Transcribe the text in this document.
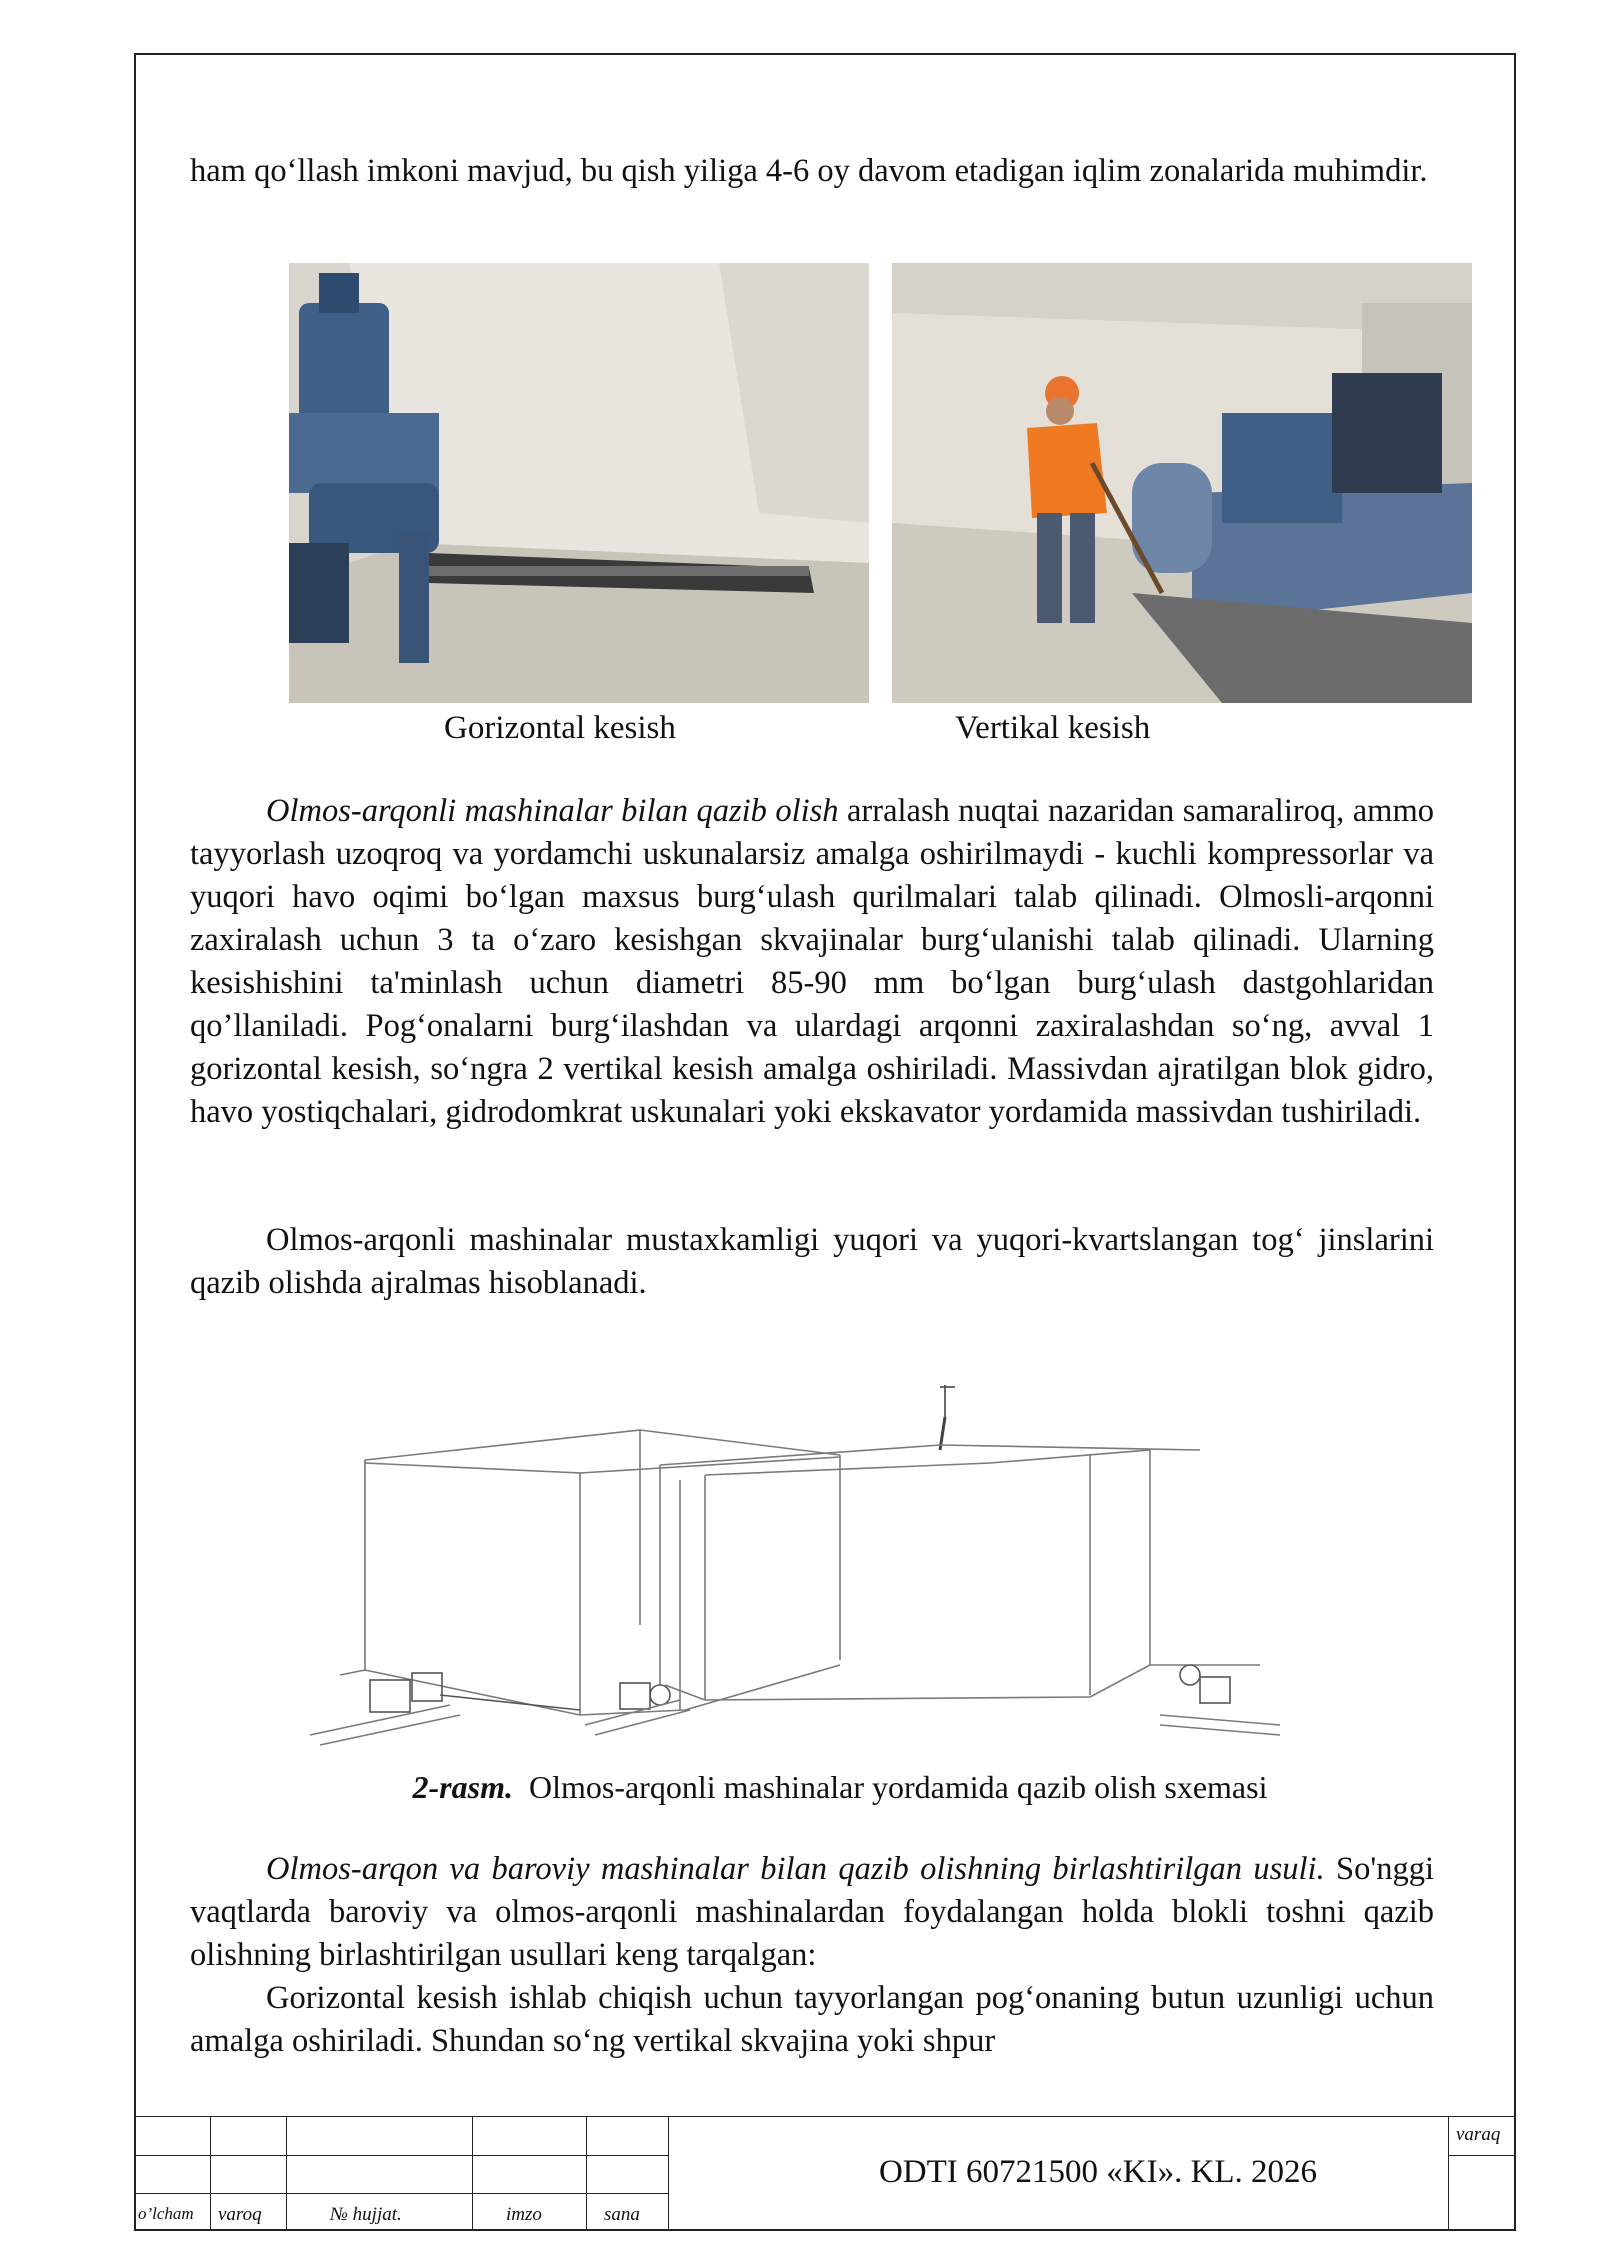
ham qo‘llash imkoni mavjud, bu qish yiliga 4-6 oy davom etadigan iqlim zonalarida muhimdir.

Gorizontal kesish	Vertikal kesish

Olmos-arqonli mashinalar bilan qazib olish arralash nuqtai nazaridan samaraliroq, ammo tayyorlash uzoqroq va yordamchi uskunalarsiz amalga oshirilmaydi - kuchli kompressorlar va yuqori havo oqimi bo‘lgan maxsus burg‘ulash qurilmalari talab qilinadi. Olmosli-arqonni zaxiralash uchun 3 ta o‘zaro kesishgan skvajinalar burg‘ulanishi talab qilinadi. Ularning kesishishini ta'minlash uchun diametri 85-90 mm bo‘lgan burg‘ulash dastgohlaridan qo’llaniladi. Pog‘onalarni burg‘ilashdan va ulardagi arqonni zaxiralashdan so‘ng, avval 1 gorizontal kesish, so‘ngra 2 vertikal kesish amalga oshiriladi. Massivdan ajratilgan blok gidro, havo yostiqchalari, gidrodomkrat uskunalari yoki ekskavator yordamida massivdan tushiriladi.

Olmos-arqonli mashinalar mustaxkamligi yuqori va yuqori-kvartslangan tog‘ jinslarini qazib olishda ajralmas hisoblanadi.

2-rasm. Olmos-arqonli mashinalar yordamida qazib olish sxemasi

Olmos-arqon va baroviy mashinalar bilan qazib olishning birlashtirilgan usuli. So'nggi vaqtlarda baroviy va olmos-arqonli mashinalardan foydalangan holda blokli toshni qazib olishning birlashtirilgan usullari keng tarqalgan:

Gorizontal kesish ishlab chiqish uchun tayyorlangan pog‘onaning butun uzunligi uchun amalga oshiriladi. Shundan so‘ng vertikal skvajina yoki shpur

o’lcham varoq	№ hujjat.	imzo	sana
ODTI 60721500 «KI». KL. 2026
varaq
